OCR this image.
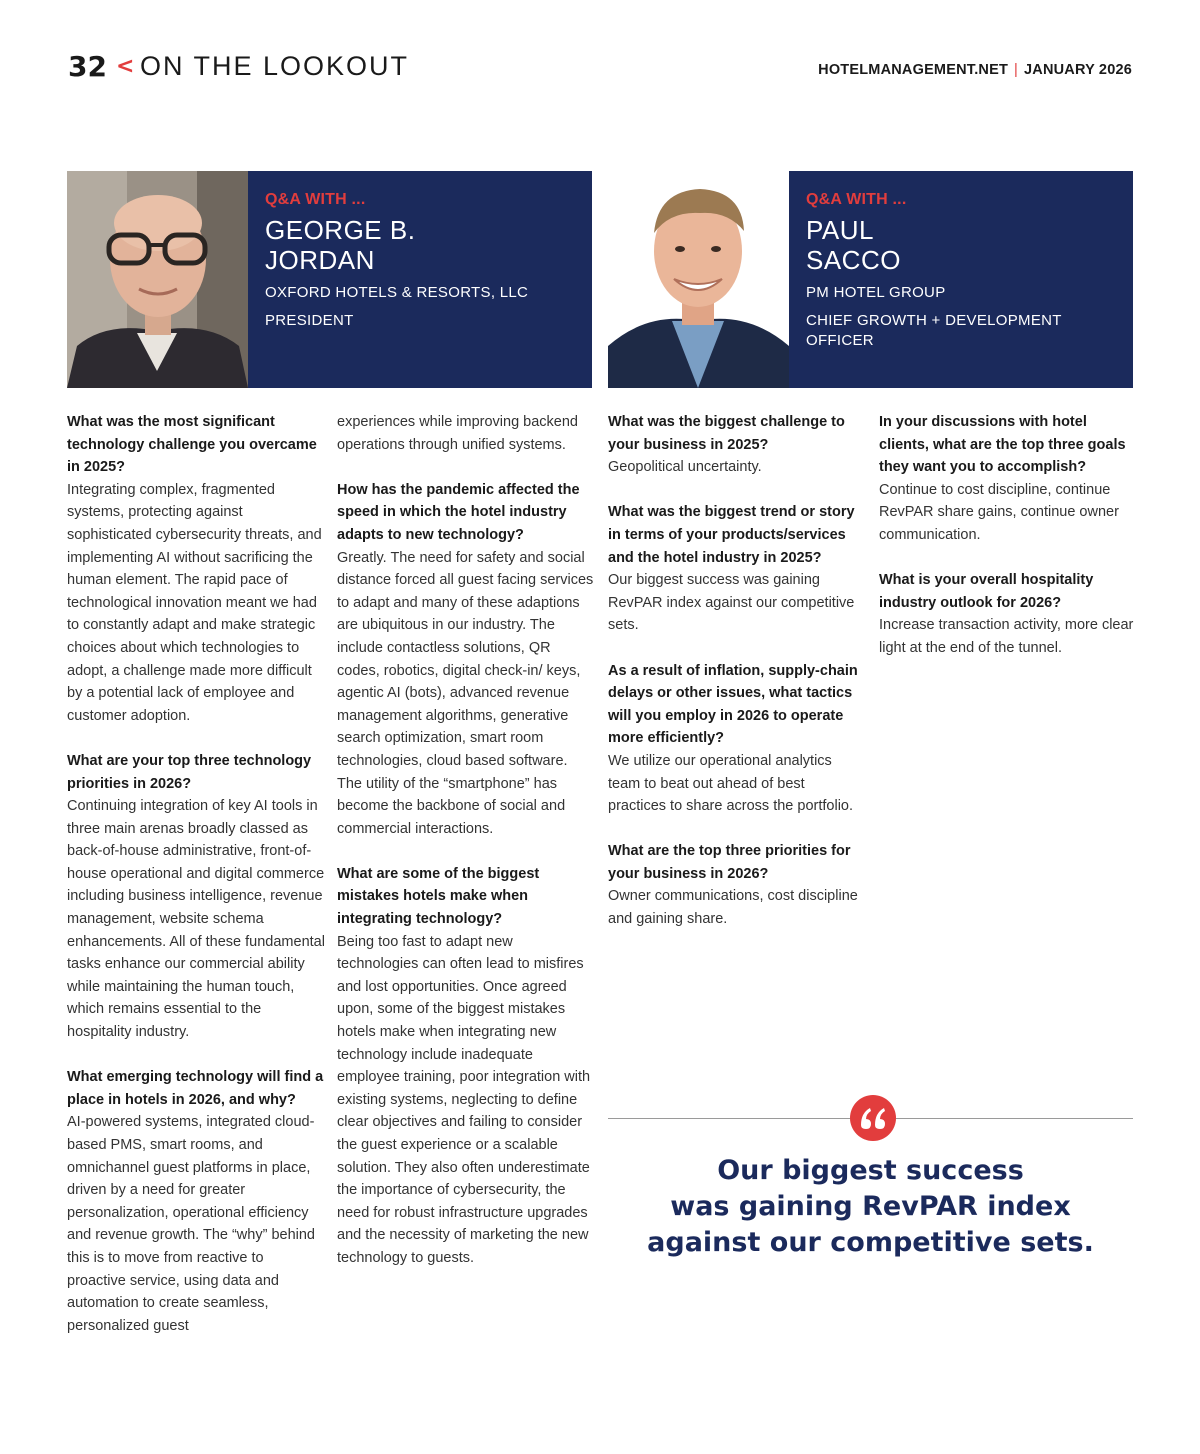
32 < ON THE LOOKOUT	HOTELMANAGEMENT.NET | JANUARY 2026
Q&A WITH ...
GEORGE B.
JORDAN
OXFORD HOTELS & RESORTS, LLC
PRESIDENT
Q&A WITH ...
PAUL
SACCO
PM HOTEL GROUP
CHIEF GROWTH + DEVELOPMENT OFFICER
What was the most significant technology challenge you overcame in 2025?
Integrating complex, fragmented systems, protecting against sophisticated cybersecurity threats, and implementing AI without sacrificing the human element. The rapid pace of technological innovation meant we had to constantly adapt and make strategic choices about which technologies to adopt, a challenge made more difficult by a potential lack of employee and customer adoption.
What are your top three technology priorities in 2026?
Continuing integration of key AI tools in three main arenas broadly classed as back-of-house administrative, front-of-house operational and digital commerce including business intelligence, revenue management, website schema enhancements. All of these fundamental tasks enhance our commercial ability while maintaining the human touch, which remains essential to the hospitality industry.
What emerging technology will find a place in hotels in 2026, and why?
AI-powered systems, integrated cloud-based PMS, smart rooms, and omnichannel guest platforms in place, driven by a need for greater personalization, operational efficiency and revenue growth. The “why” behind this is to move from reactive to proactive service, using data and automation to create seamless, personalized guest
experiences while improving backend operations through unified systems.
How has the pandemic affected the speed in which the hotel industry adapts to new technology?
Greatly. The need for safety and social distance forced all guest facing services to adapt and many of these adaptions are ubiquitous in our industry. The include contactless solutions, QR codes, robotics, digital check-in/ keys, agentic AI (bots), advanced revenue management algorithms, generative search optimization, smart room technologies, cloud based software. The utility of the “smartphone” has become the backbone of social and commercial interactions.
What are some of the biggest mistakes hotels make when integrating technology?
Being too fast to adapt new technologies can often lead to misfires and lost opportunities. Once agreed upon, some of the biggest mistakes hotels make when integrating new technology include inadequate employee training, poor integration with existing systems, neglecting to define clear objectives and failing to consider the guest experience or a scalable solution. They also often underestimate the importance of cybersecurity, the need for robust infrastructure upgrades and the necessity of marketing the new technology to guests.
What was the biggest challenge to your business in 2025?
Geopolitical uncertainty.
What was the biggest trend or story in terms of your products/services and the hotel industry in 2025?
Our biggest success was gaining RevPAR index against our competitive sets.
As a result of inflation, supply-chain delays or other issues, what tactics will you employ in 2026 to operate more efficiently?
We utilize our operational analytics team to beat out ahead of best practices to share across the portfolio.
What are the top three priorities for your business in 2026?
Owner communications, cost discipline and gaining share.
In your discussions with hotel clients, what are the top three goals they want you to accomplish?
Continue to cost discipline, continue RevPAR share gains, continue owner communication.
What is your overall hospitality industry outlook for 2026?
Increase transaction activity, more clear light at the end of the tunnel.
Our biggest success
was gaining RevPAR index
against our competitive sets.
